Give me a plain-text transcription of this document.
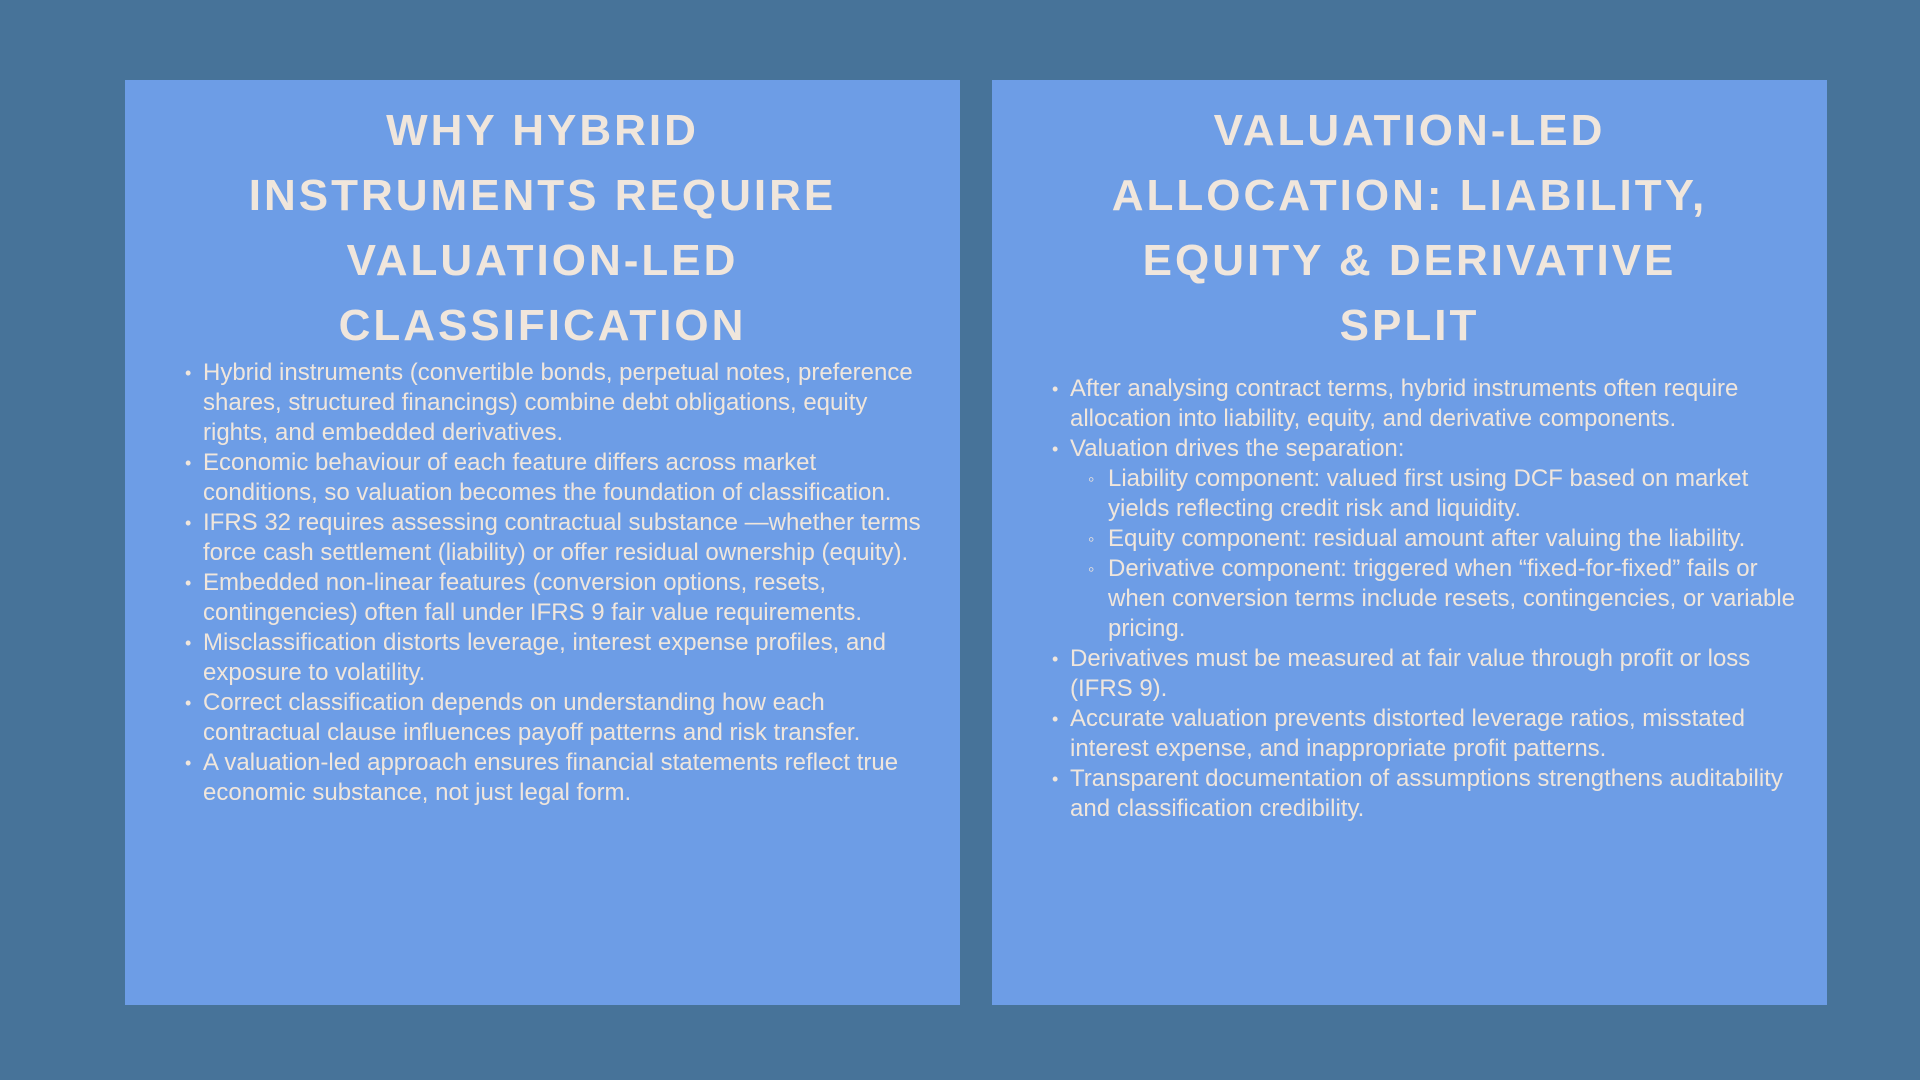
WHY HYBRID
INSTRUMENTS REQUIRE
VALUATION-LED
CLASSIFICATION
• Hybrid instruments (convertible bonds, perpetual notes, preference shares, structured financings) combine debt obligations, equity rights, and embedded derivatives.
• Economic behaviour of each feature differs across market conditions, so valuation becomes the foundation of classification.
• IFRS 32 requires assessing contractual substance —whether terms force cash settlement (liability) or offer residual ownership (equity).
• Embedded non-linear features (conversion options, resets, contingencies) often fall under IFRS 9 fair value requirements.
• Misclassification distorts leverage, interest expense profiles, and exposure to volatility.
• Correct classification depends on understanding how each contractual clause influences payoff patterns and risk transfer.
• A valuation-led approach ensures financial statements reflect true economic substance, not just legal form.
VALUATION-LED
ALLOCATION: LIABILITY,
EQUITY & DERIVATIVE
SPLIT
• After analysing contract terms, hybrid instruments often require allocation into liability, equity, and derivative components.
• Valuation drives the separation:
◦ Liability component: valued first using DCF based on market yields reflecting credit risk and liquidity.
◦ Equity component: residual amount after valuing the liability.
◦ Derivative component: triggered when “fixed-for-fixed” fails or when conversion terms include resets, contingencies, or variable pricing.
• Derivatives must be measured at fair value through profit or loss (IFRS 9).
• Accurate valuation prevents distorted leverage ratios, misstated interest expense, and inappropriate profit patterns.
• Transparent documentation of assumptions strengthens auditability and classification credibility.
